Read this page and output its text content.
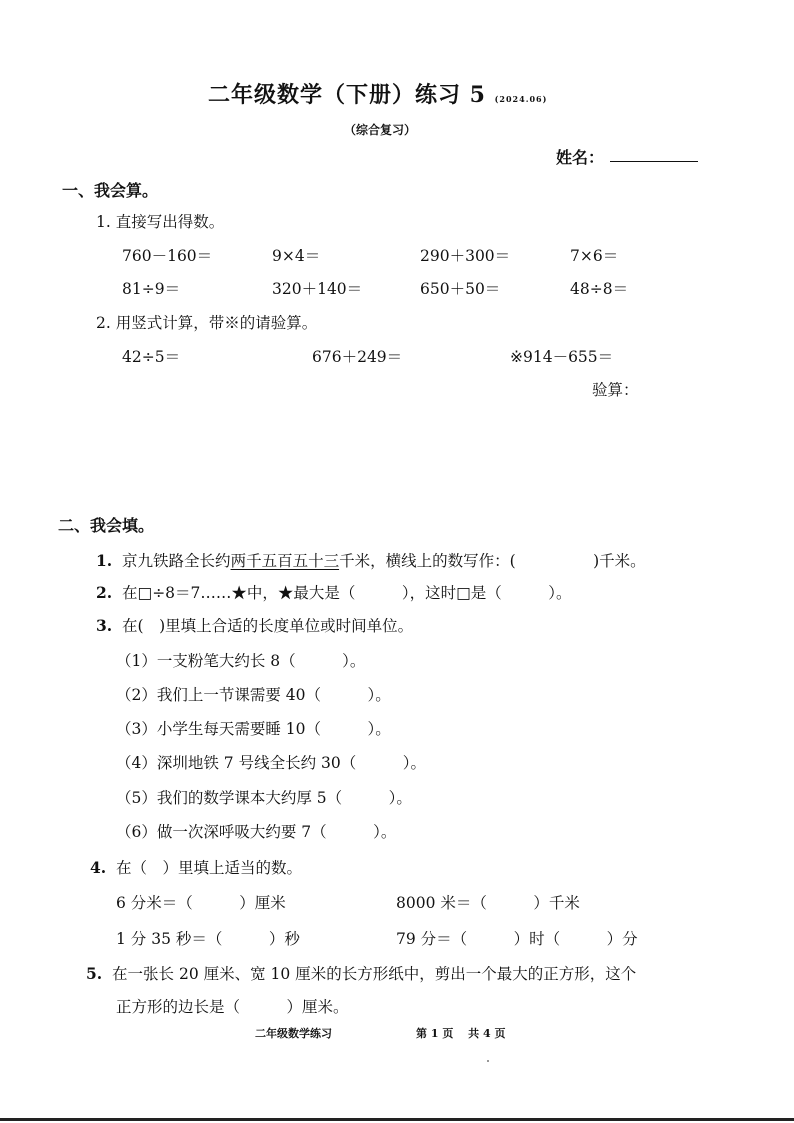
二年级数学（下册）练习 5 (2024.06)
（综合复习）
姓名：
一、我会算。
1. 直接写出得数。
760－160＝	9×4＝	290＋300＝	7×6＝
81÷9＝	320＋140＝	650＋50＝	48÷8＝
2. 用竖式计算，带※的请验算。
42÷5＝	676＋249＝	※914－655＝
验算：
二、我会填。
1. 京九铁路全长约两千五百五十三千米，横线上的数写作：(　　　　　)千米。
2. 在□÷8＝7……★中，★最大是（　　　），这时□是（　　　）。
3. 在(　)里填上合适的长度单位或时间单位。
（1）一支粉笔大约长 8（　　　）。
（2）我们上一节课需要 40（　　　）。
（3）小学生每天需要睡 10（　　　）。
（4）深圳地铁 7 号线全长约 30（　　　）。
（5）我们的数学课本大约厚 5（　　　）。
（6）做一次深呼吸大约要 7（　　　）。
4. 在（　）里填上适当的数。
6 分米＝（　　　）厘米	8000 米＝（　　　）千米
1 分 35 秒＝（　　　）秒	79 分＝（　　　）时（　　　）分
5. 在一张长 20 厘米、宽 10 厘米的长方形纸中，剪出一个最大的正方形，这个
正方形的边长是（　　　）厘米。
二年级数学练习	第 1 页　 共 4 页
